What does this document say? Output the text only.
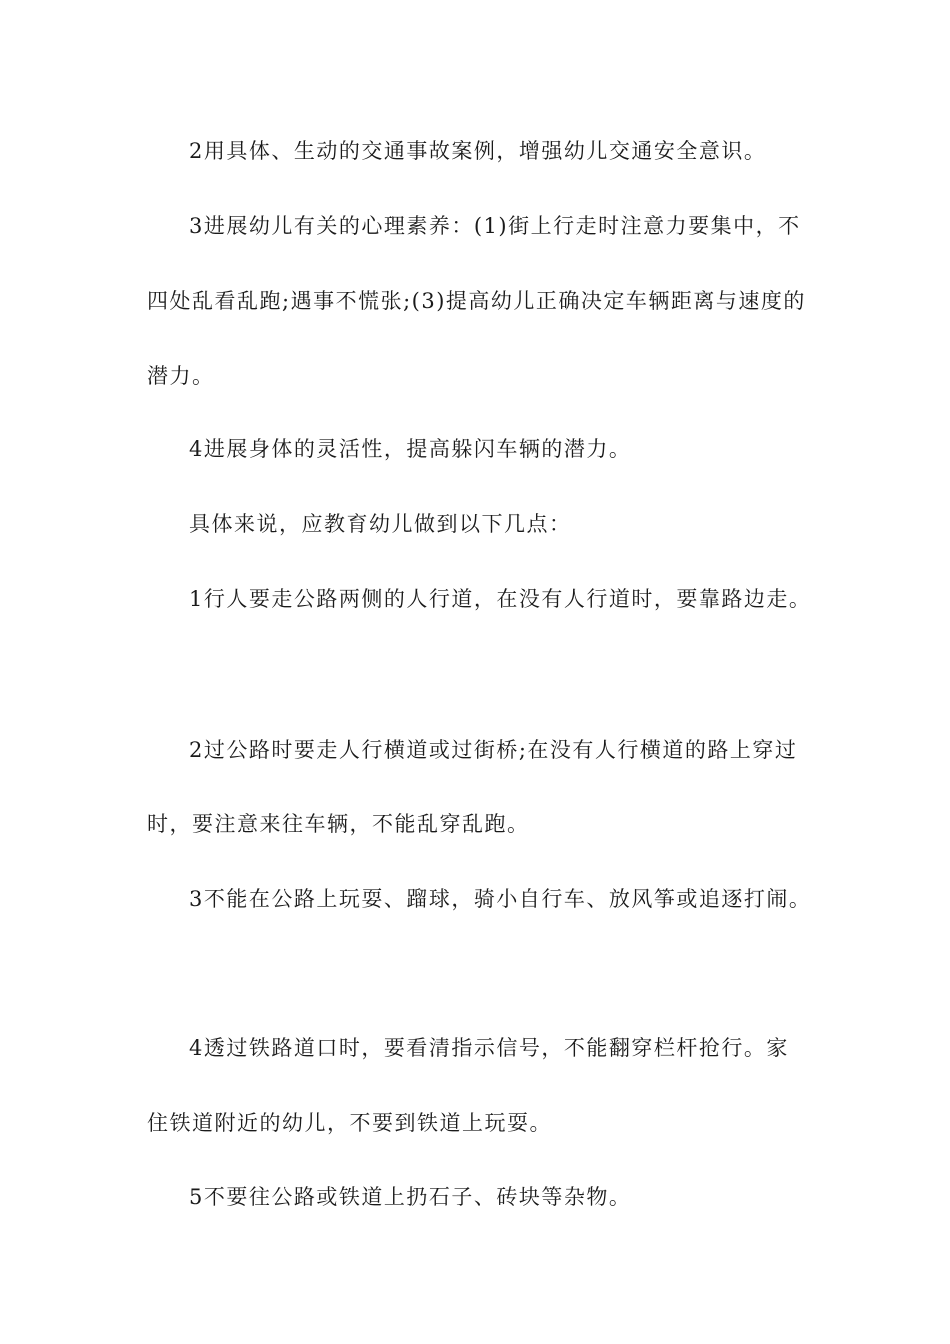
2用具体、生动的交通事故案例，增强幼儿交通安全意识。
3进展幼儿有关的心理素养：(1)街上行走时注意力要集中，不
四处乱看乱跑;遇事不慌张;(3)提高幼儿正确决定车辆距离与速度的
潜力。
4进展身体的灵活性，提高躲闪车辆的潜力。
具体来说，应教育幼儿做到以下几点：
1行人要走公路两侧的人行道，在没有人行道时，要靠路边走。
2过公路时要走人行横道或过街桥;在没有人行横道的路上穿过
时，要注意来往车辆，不能乱穿乱跑。
3不能在公路上玩耍、蹓球，骑小自行车、放风筝或追逐打闹。
4透过铁路道口时，要看清指示信号，不能翻穿栏杆抢行。家
住铁道附近的幼儿，不要到铁道上玩耍。
5不要往公路或铁道上扔石子、砖块等杂物。
